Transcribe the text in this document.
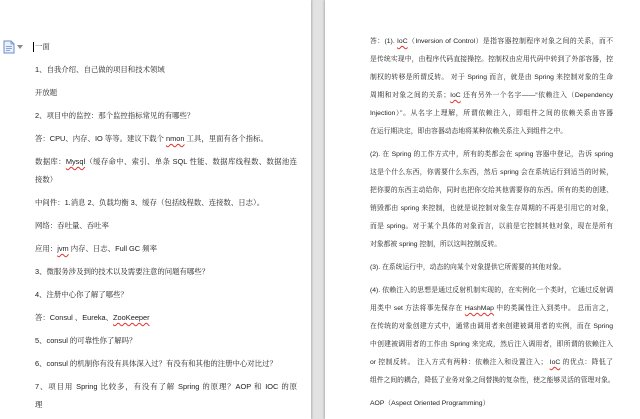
一面
1、自我介绍、自己做的项目和技术领域
开放题
2、项目中的监控：那个监控指标常见的有哪些？
答：CPU、内存、IO 等等。建议下载个 nmon 工具，里面有各个指标。
数据库：Mysql（缓存命中、索引、单条 SQL 性能、数据库线程数、数据池连
接数）
中间件：1.消息 2、负载均衡 3、缓存（包括线程数、连接数、日志）。
网络：吞吐量、吞吐率
应用：jvm 内存、日志、Full GC 频率
3、微服务涉及到的技术以及需要注意的问题有哪些？
4、注册中心你了解了哪些？
答：Consul 、Eureka、ZooKeeper
5、consul 的可靠性你了解吗？
6、consul 的机制你有没有具体深入过？有没有和其他的注册中心对比过？
7、项目用 Spring 比较多，有没有了解 Spring 的原理？AOP 和 IOC 的原
理
答：(1). IoC（Inversion of Control）是指容器控制程序对象之间的关系，而不
是传统实现中，由程序代码直接操控。控制权由应用代码中转到了外部容器，控
制权的转移是所谓反转。 对于 Spring 而言，就是由 Spring 来控制对象的生命
周期和对象之间的关系；IoC 还有另外一个名字——“依赖注入（Dependency
Injection）”。从名字上理解，所谓依赖注入，即组件之间的依赖关系由容器
在运行期决定，即由容器动态地将某种依赖关系注入到组件之中。
(2). 在 Spring 的工作方式中，所有的类都会在 spring 容器中登记，告诉 spring
这是个什么东西，你需要什么东西，然后 spring 会在系统运行到适当的时候，
把你要的东西主动给你，同时也把你交给其他需要你的东西。所有的类的创建、
销毁都由 spring 来控制，也就是说控制对象生存周期的不再是引用它的对象，
而是 spring。对于某个具体的对象而言，以前是它控制其他对象，现在是所有
对象都被 spring 控制，所以这叫控制反转。
(3). 在系统运行中，动态的向某个对象提供它所需要的其他对象。
(4). 依赖注入的思想是通过反射机制实现的，在实例化一个类时，它通过反射调
用类中 set 方法将事先保存在 HashMap 中的类属性注入到类中。 总而言之，
在传统的对象创建方式中，通常由调用者来创建被调用者的实例，而在 Spring
中创建被调用者的工作由 Spring 来完成，然后注入调用者，即所谓的依赖注入
or 控制反转。 注入方式有两种：依赖注入和设置注入； IoC 的优点：降低了
组件之间的耦合，降低了业务对象之间替换的复杂性，使之能够灵活的管理对象。
AOP（Aspect Oriented Programming）
